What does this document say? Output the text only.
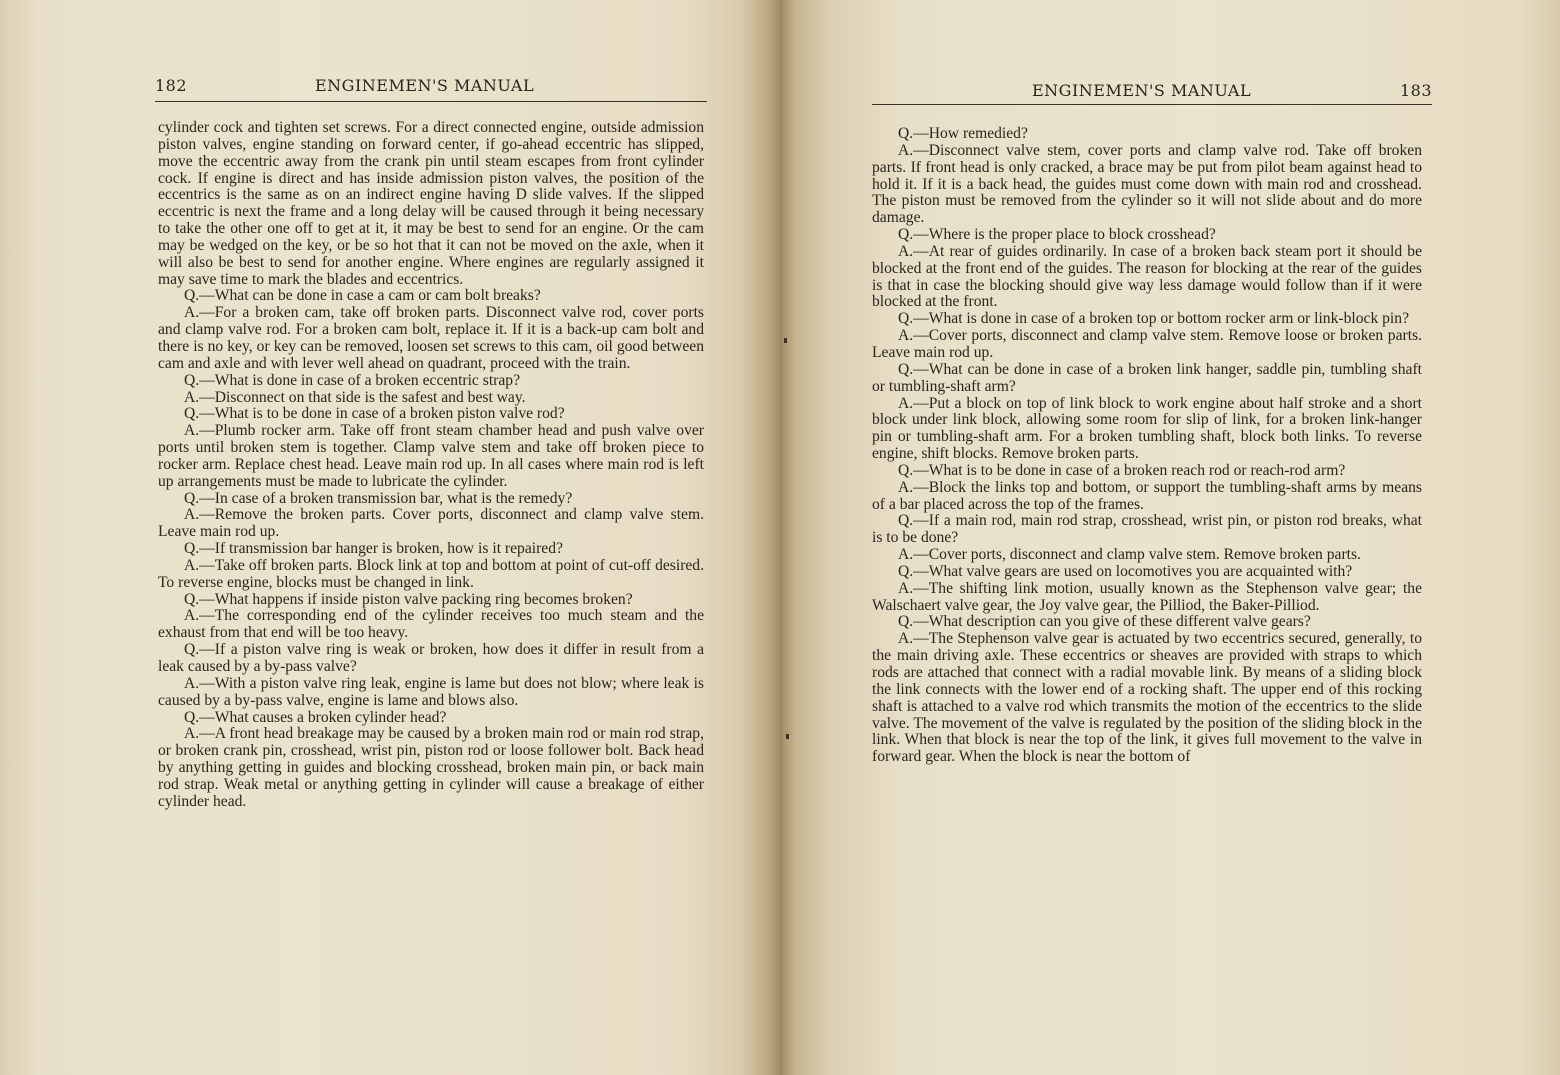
182	ENGINEMEN'S MANUAL

cylinder cock and tighten set screws. For a direct connected engine, outside admission piston valves, engine standing on forward center, if go-ahead eccentric has slipped, move the eccentric away from the crank pin until steam escapes from front cylinder cock. If engine is direct and has inside admission piston valves, the position of the eccentrics is the same as on an indirect engine having D slide valves. If the slipped eccentric is next the frame and a long delay will be caused through it being necessary to take the other one off to get at it, it may be best to send for an engine. Or the cam may be wedged on the key, or be so hot that it can not be moved on the axle, when it will also be best to send for another engine. Where engines are regularly assigned it may save time to mark the blades and eccentrics.

Q.—What can be done in case a cam or cam bolt breaks?

A.—For a broken cam, take off broken parts. Disconnect valve rod, cover ports and clamp valve rod. For a broken cam bolt, replace it. If it is a back-up cam bolt and there is no key, or key can be removed, loosen set screws to this cam, oil good between cam and axle and with lever well ahead on quadrant, proceed with the train.

Q.—What is done in case of a broken eccentric strap?

A.—Disconnect on that side is the safest and best way.

Q.—What is to be done in case of a broken piston valve rod?

A.—Plumb rocker arm. Take off front steam chamber head and push valve over ports until broken stem is together. Clamp valve stem and take off broken piece to rocker arm. Replace chest head. Leave main rod up. In all cases where main rod is left up arrangements must be made to lubricate the cylinder.

Q.—In case of a broken transmission bar, what is the remedy?

A.—Remove the broken parts. Cover ports, disconnect and clamp valve stem. Leave main rod up.

Q.—If transmission bar hanger is broken, how is it repaired?

A.—Take off broken parts. Block link at top and bottom at point of cut-off desired. To reverse engine, blocks must be changed in link.

Q.—What happens if inside piston valve packing ring becomes broken?

A.—The corresponding end of the cylinder receives too much steam and the exhaust from that end will be too heavy.

Q.—If a piston valve ring is weak or broken, how does it differ in result from a leak caused by a by-pass valve?

A.—With a piston valve ring leak, engine is lame but does not blow; where leak is caused by a by-pass valve, engine is lame and blows also.

Q.—What causes a broken cylinder head?

A.—A front head breakage may be caused by a broken main rod or main rod strap, or broken crank pin, crosshead, wrist pin, piston rod or loose follower bolt. Back head by anything getting in guides and blocking crosshead, broken main pin, or back main rod strap. Weak metal or anything getting in cylinder will cause a breakage of either cylinder head.

ENGINEMEN'S MANUAL	183

Q.—How remedied?

A.—Disconnect valve stem, cover ports and clamp valve rod. Take off broken parts. If front head is only cracked, a brace may be put from pilot beam against head to hold it. If it is a back head, the guides must come down with main rod and crosshead. The piston must be removed from the cylinder so it will not slide about and do more damage.

Q.—Where is the proper place to block crosshead?

A.—At rear of guides ordinarily. In case of a broken back steam port it should be blocked at the front end of the guides. The reason for blocking at the rear of the guides is that in case the blocking should give way less damage would follow than if it were blocked at the front.

Q.—What is done in case of a broken top or bottom rocker arm or link-block pin?

A.—Cover ports, disconnect and clamp valve stem. Remove loose or broken parts. Leave main rod up.

Q.—What can be done in case of a broken link hanger, saddle pin, tumbling shaft or tumbling-shaft arm?

A.—Put a block on top of link block to work engine about half stroke and a short block under link block, allowing some room for slip of link, for a broken link-hanger pin or tumbling-shaft arm. For a broken tumbling shaft, block both links. To reverse engine, shift blocks. Remove broken parts.

Q.—What is to be done in case of a broken reach rod or reach-rod arm?

A.—Block the links top and bottom, or support the tumbling-shaft arms by means of a bar placed across the top of the frames.

Q.—If a main rod, main rod strap, crosshead, wrist pin, or piston rod breaks, what is to be done?

A.—Cover ports, disconnect and clamp valve stem. Remove broken parts.

Q.—What valve gears are used on locomotives you are acquainted with?

A.—The shifting link motion, usually known as the Stephenson valve gear; the Walschaert valve gear, the Joy valve gear, the Pilliod, the Baker-Pilliod.

Q.—What description can you give of these different valve gears?

A.—The Stephenson valve gear is actuated by two eccentrics secured, generally, to the main driving axle. These eccentrics or sheaves are provided with straps to which rods are attached that connect with a radial movable link. By means of a sliding block the link connects with the lower end of a rocking shaft. The upper end of this rocking shaft is attached to a valve rod which transmits the motion of the eccentrics to the slide valve. The movement of the valve is regulated by the position of the sliding block in the link. When that block is near the top of the link, it gives full movement to the valve in forward gear. When the block is near the bottom of
